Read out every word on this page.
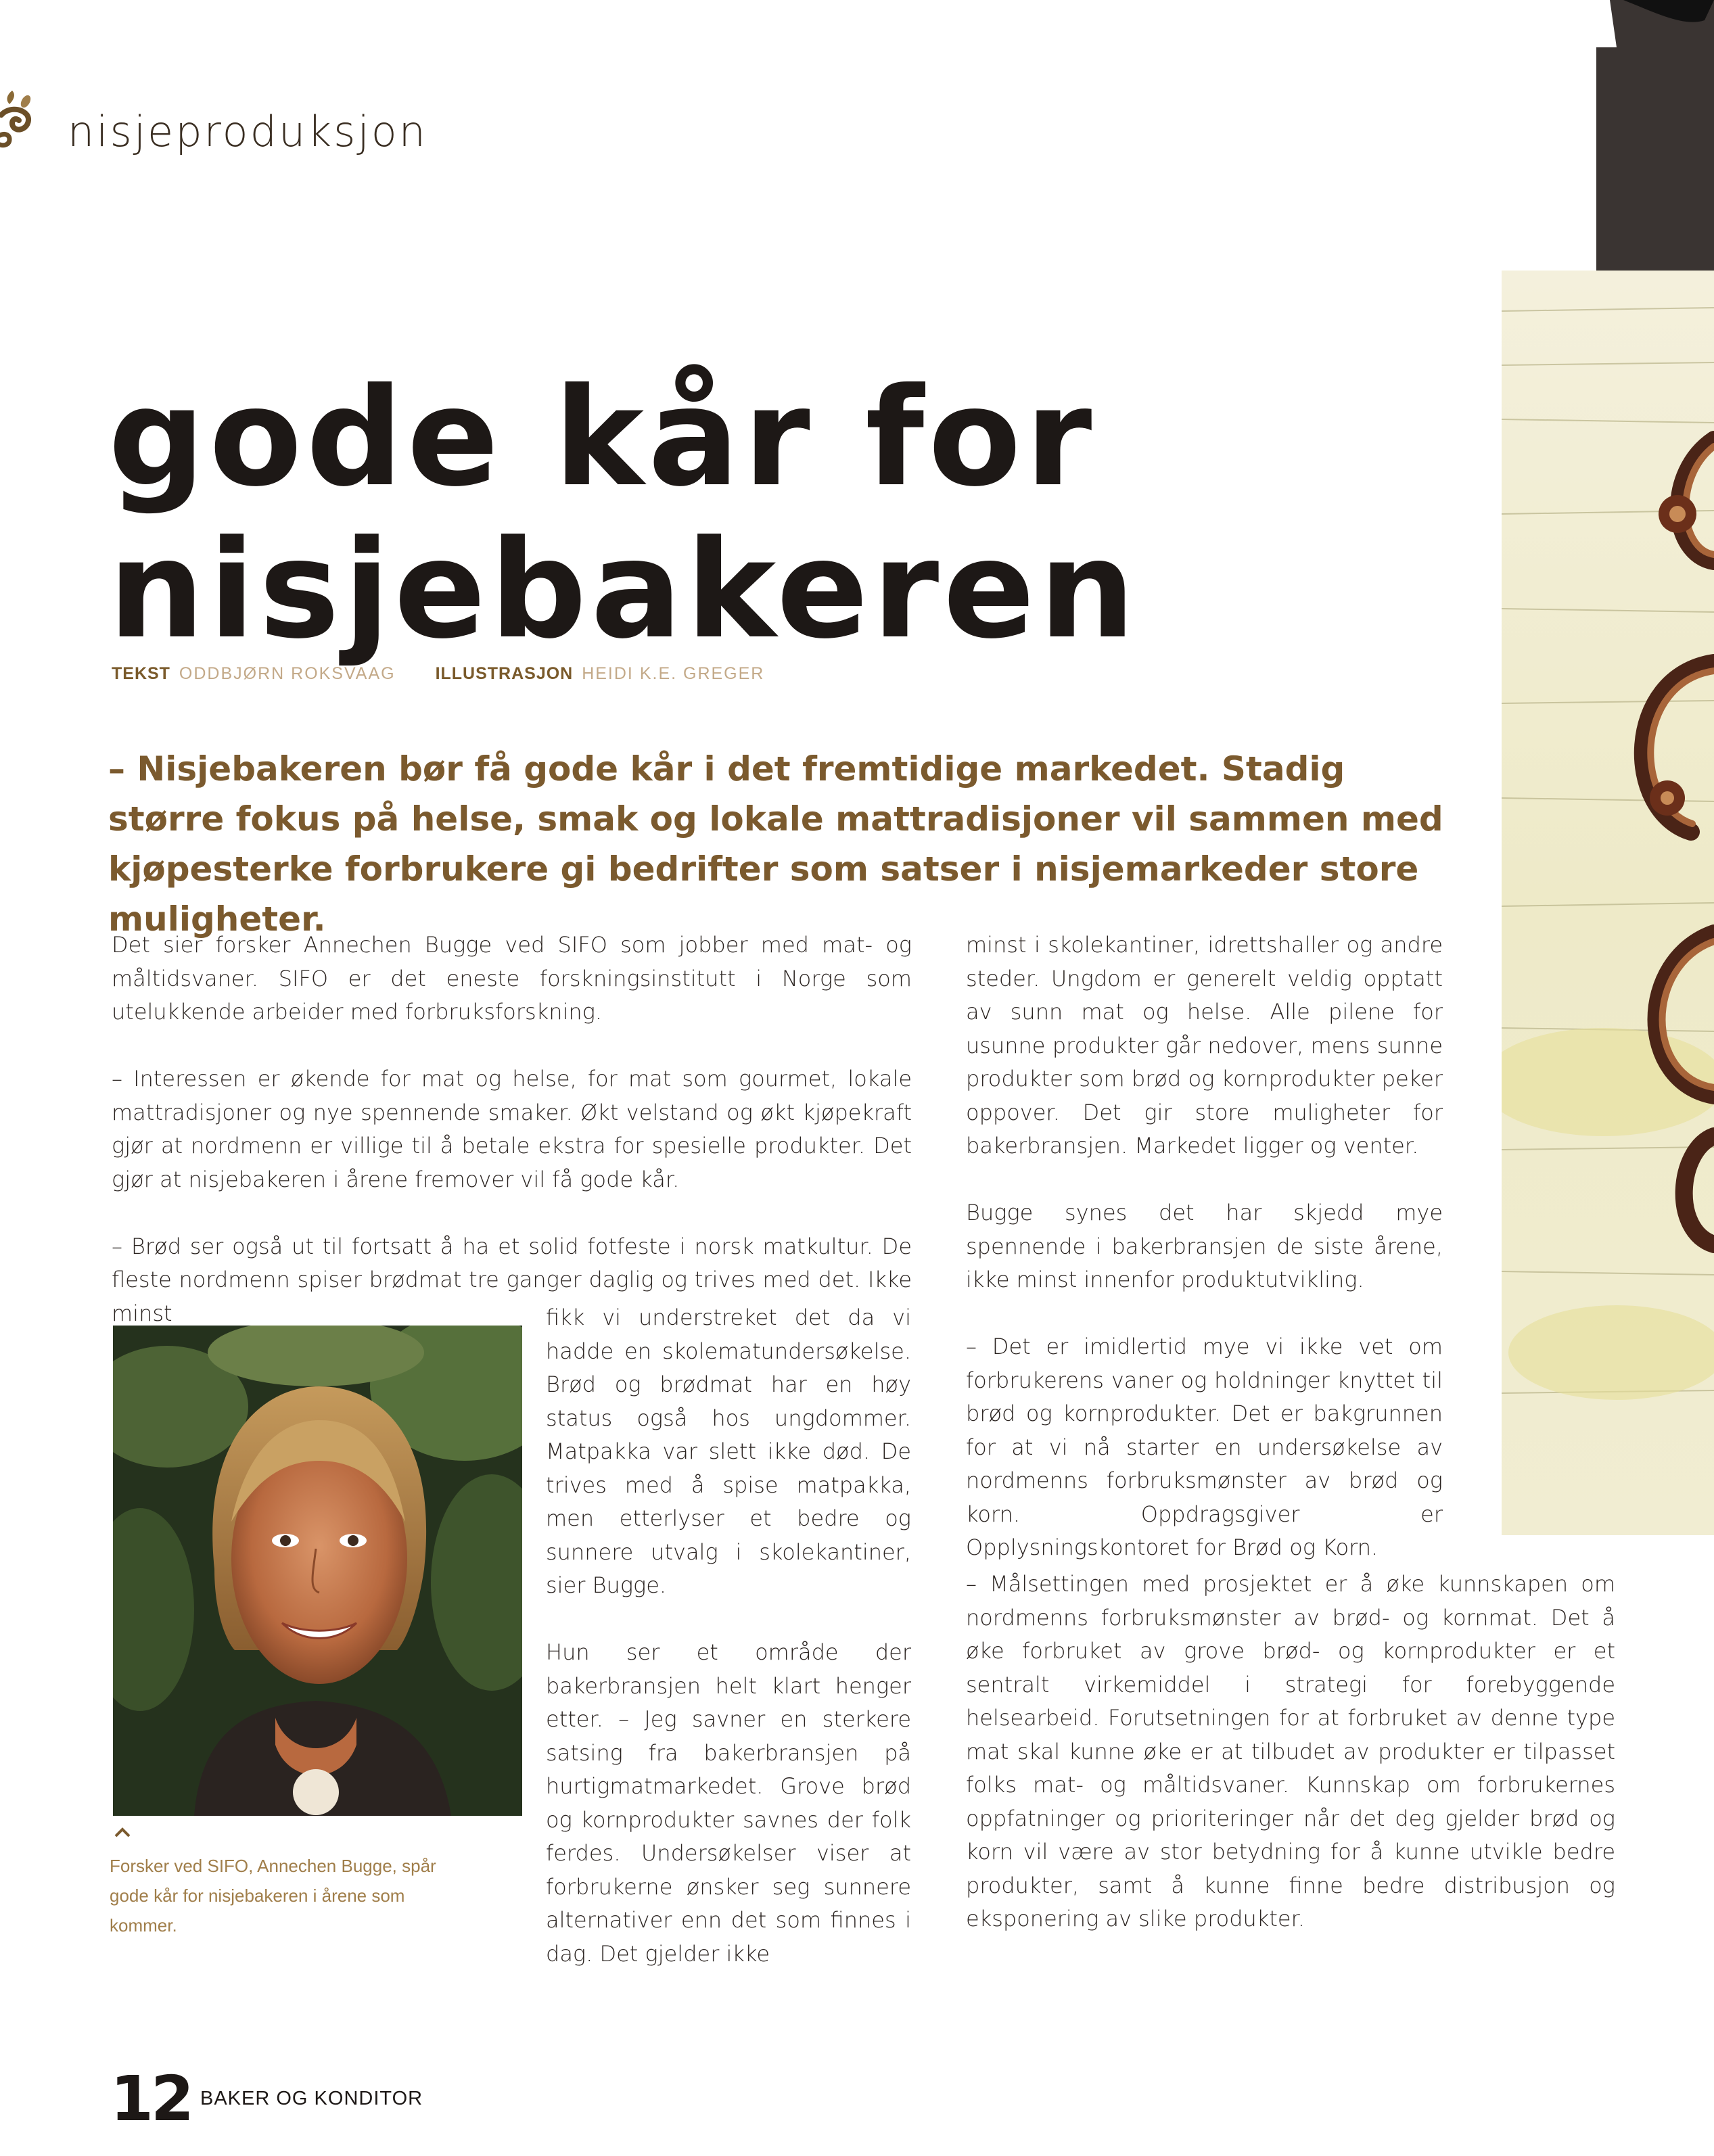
nisjeproduksjon
gode kår for
nisjebakeren
TEKST ODDBJØRN ROKSVAAG ILLUSTRASJON HEIDI K.E. GREGER
– Nisjebakeren bør få gode kår i det fremtidige markedet. Stadig større fokus på helse, smak og lokale mattradisjoner vil sammen med kjøpesterke forbrukere gi bedrifter som satser i nisjemarkeder store muligheter.

Det sier forsker Annechen Bugge ved SIFO som jobber med mat- og måltidsvaner. SIFO er det eneste forskningsinstitutt i Norge som utelukkende arbeider med forbruksforskning.

– Interessen er økende for mat og helse, for mat som gourmet, lokale mattradisjoner og nye spennende smaker. Økt velstand og økt kjøpekraft gjør at nordmenn er villige til å betale ekstra for spesielle produkter. Det gjør at nisjebakeren i årene fremover vil få gode kår.

– Brød ser også ut til fortsatt å ha et solid fotfeste i norsk matkultur. De fleste nordmenn spiser brødmat tre ganger daglig og trives med det. Ikke minst	fikk vi understreket det da vi hadde en skolematundersøkelse. Brød og brødmat har en høy status også hos ungdommer. Matpakka var slett ikke død. De trives med å spise matpakka, men etterlyser et bedre og sunnere utvalg i skolekantiner, sier Bugge.

Hun ser et område der bakerbransjen helt klart henger etter. – Jeg savner en sterkere satsing fra bakerbransjen på hurtigmatmarkedet. Grove brød og kornprodukter savnes der folk ferdes. Undersøkelser viser at forbrukerne ønsker seg sunnere alternativer enn det som finnes i dag. Det gjelder ikke

minst i skolekantiner, idrettshaller og andre steder. Ungdom er generelt veldig opptatt av sunn mat og helse. Alle pilene for usunne produkter går nedover, mens sunne produkter som brød og kornprodukter peker oppover. Det gir store muligheter for bakerbransjen. Markedet ligger og venter.

Bugge synes det har skjedd mye spennende i bakerbransjen de siste årene, ikke minst innenfor produktutvikling.

– Det er imidlertid mye vi ikke vet om forbrukerens vaner og holdninger knyttet til brød og kornprodukter. Det er bakgrunnen for at vi nå starter en undersøkelse av nordmenns forbruksmønster av brød og korn. Oppdragsgiver er Opplysningskontoret for Brød og Korn.

– Målsettingen med prosjektet er å øke kunnskapen om nordmenns forbruksmønster av brød- og kornmat. Det å øke forbruket av grove brød- og kornprodukter er et sentralt virkemiddel i strategi for forebyggende helsearbeid. Forutsetningen for at forbruket av denne type mat skal kunne øke er at tilbudet av produkter er tilpasset folks mat- og måltidsvaner. Kunnskap om forbrukernes oppfatninger og prioriteringer når det deg gjelder brød og korn vil være av stor betydning for å kunne utvikle bedre produkter, samt å kunne finne bedre distribusjon og eksponering av slike produkter.

Forsker ved SIFO, Annechen Bugge, spår gode kår for nisjebakeren i årene som kommer.
12 BAKER OG KONDITOR
